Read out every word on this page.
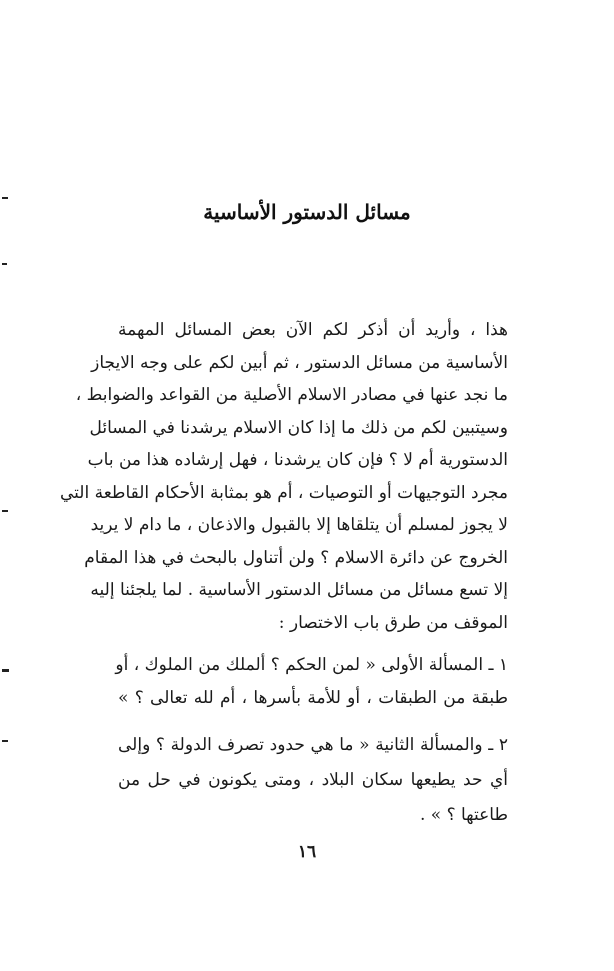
مسائل الدستور الأساسية
هذا ، وأريد أن أذكر لكم الآن بعض المسائل المهمة
الأساسية من مسائل الدستور ، ثم أبين لكم على وجه الايجاز
ما نجد عنها في مصادر الاسلام الأصلية من القواعد والضوابط ،
وسيتبين لكم من ذلك ما إذا كان الاسلام يرشدنا في المسائل
الدستورية أم لا ؟ فإن كان يرشدنا ، فهل إرشاده هذا من باب
مجرد التوجيهات أو التوصيات ، أم هو بمثابة الأحكام القاطعة التي
لا يجوز لمسلم أن يتلقاها إلا بالقبول والاذعان ، ما دام لا يريد
الخروج عن دائرة الاسلام ؟ ولن أتناول بالبحث في هذا المقام
إلا تسع مسائل من مسائل الدستور الأساسية . لما يلجئنا إليه
الموقف من طرق باب الاختصار :
١ ـ المسألة الأولى « لمن الحكم ؟ ألملك من الملوك ، أو
طبقة من الطبقات ، أو للأمة بأسرها ، أم لله تعالى ؟ »
٢ ـ والمسألة الثانية « ما هي حدود تصرف الدولة ؟ وإلى
أي حد يطيعها سكان البلاد ، ومتى يكونون في حل من
طاعتها ؟ » .
١٦
